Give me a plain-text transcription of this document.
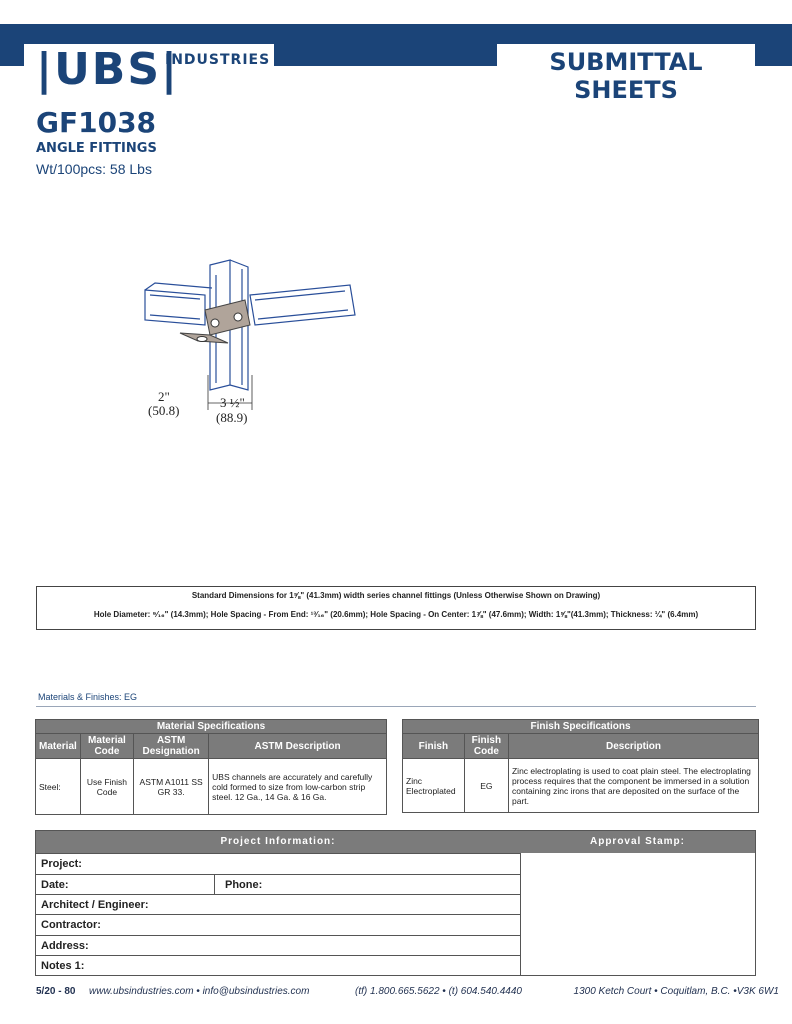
|UBS|
INDUSTRIES	SUBMITTAL SHEETS
GF1038
ANGLE FITTINGS
Wt/100pcs: 58 Lbs
2"
(50.8)
3 ½"
(88.9)
Standard Dimensions for 1⅝" (41.3mm) width series channel fittings (Unless Otherwise Shown on Drawing)
Hole Diameter: ⁹⁄₁₆" (14.3mm); Hole Spacing - From End: ¹³⁄₁₆" (20.6mm); Hole Spacing - On Center: 1⅞" (47.6mm); Width: 1⅝"(41.3mm); Thickness: ¼" (6.4mm)
Materials & Finishes: EG
Material Specifications			
Material	Material Code	ASTM Designation	ASTM Description
Steel:	Use Finish Code	ASTM A1011 SS GR 33.	UBS channels are accurately and carefully cold formed to size from low-carbon strip steel. 12 Ga., 14 Ga. & 16 Ga.
Finish Specifications		
Finish	Finish Code	Description
Zinc Electroplated	EG	Zinc electroplating is used to coat plain steel. The electroplating process requires that the component be immersed in a solution containing zinc irons that are deposited on the surface of the part.
Project Information:	Approval Stamp:
Project:
Date:	Phone:
Architect / Engineer:
Contractor:
Address:
Notes 1:
5/20 - 80 www.ubsindustries.com • info@ubsindustries.com	(tf) 1.800.665.5622 • (t) 604.540.4440	1300 Ketch Court • Coquitlam, B.C. •V3K 6W1
